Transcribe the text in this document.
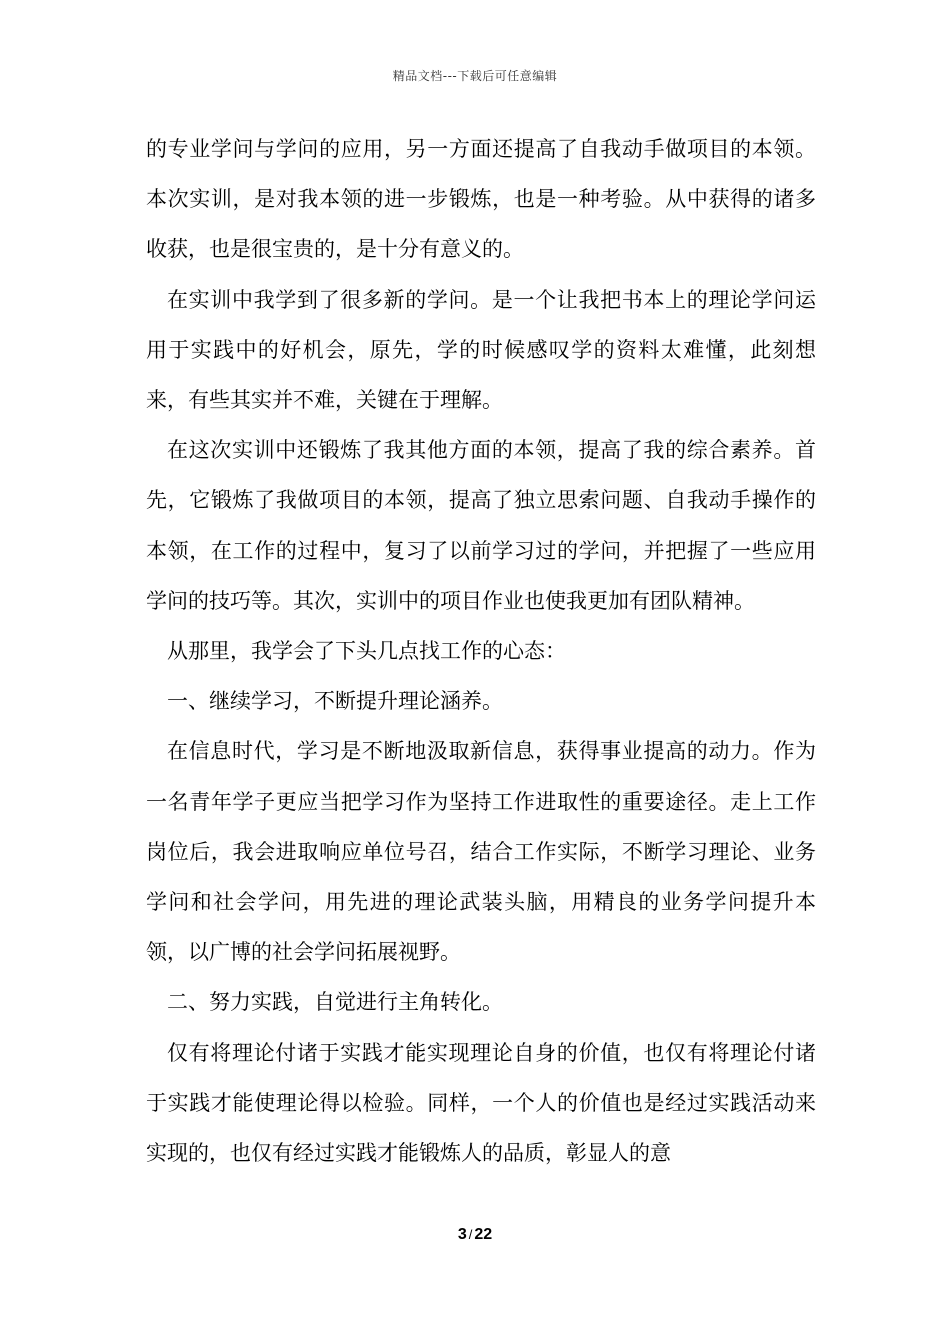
精品文档---下载后可任意编辑

的专业学问与学问的应用，另一方面还提高了自我动手做项目的本领。本次实训，是对我本领的进一步锻炼，也是一种考验。从中获得的诸多收获，也是很宝贵的，是十分有意义的。

在实训中我学到了很多新的学问。是一个让我把书本上的理论学问运用于实践中的好机会，原先，学的时候感叹学的资料太难懂，此刻想来，有些其实并不难，关键在于理解。

在这次实训中还锻炼了我其他方面的本领，提高了我的综合素养。首先，它锻炼了我做项目的本领，提高了独立思索问题、自我动手操作的本领，在工作的过程中，复习了以前学习过的学问，并把握了一些应用学问的技巧等。其次，实训中的项目作业也使我更加有团队精神。

从那里，我学会了下头几点找工作的心态：

一、继续学习，不断提升理论涵养。

在信息时代，学习是不断地汲取新信息，获得事业提高的动力。作为一名青年学子更应当把学习作为坚持工作进取性的重要途径。走上工作岗位后，我会进取响应单位号召，结合工作实际，不断学习理论、业务学问和社会学问，用先进的理论武装头脑，用精良的业务学问提升本领，以广博的社会学问拓展视野。

二、努力实践，自觉进行主角转化。

仅有将理论付诸于实践才能实现理论自身的价值，也仅有将理论付诸于实践才能使理论得以检验。同样，一个人的价值也是经过实践活动来实现的，也仅有经过实践才能锻炼人的品质，彰显人的意

3 / 22
